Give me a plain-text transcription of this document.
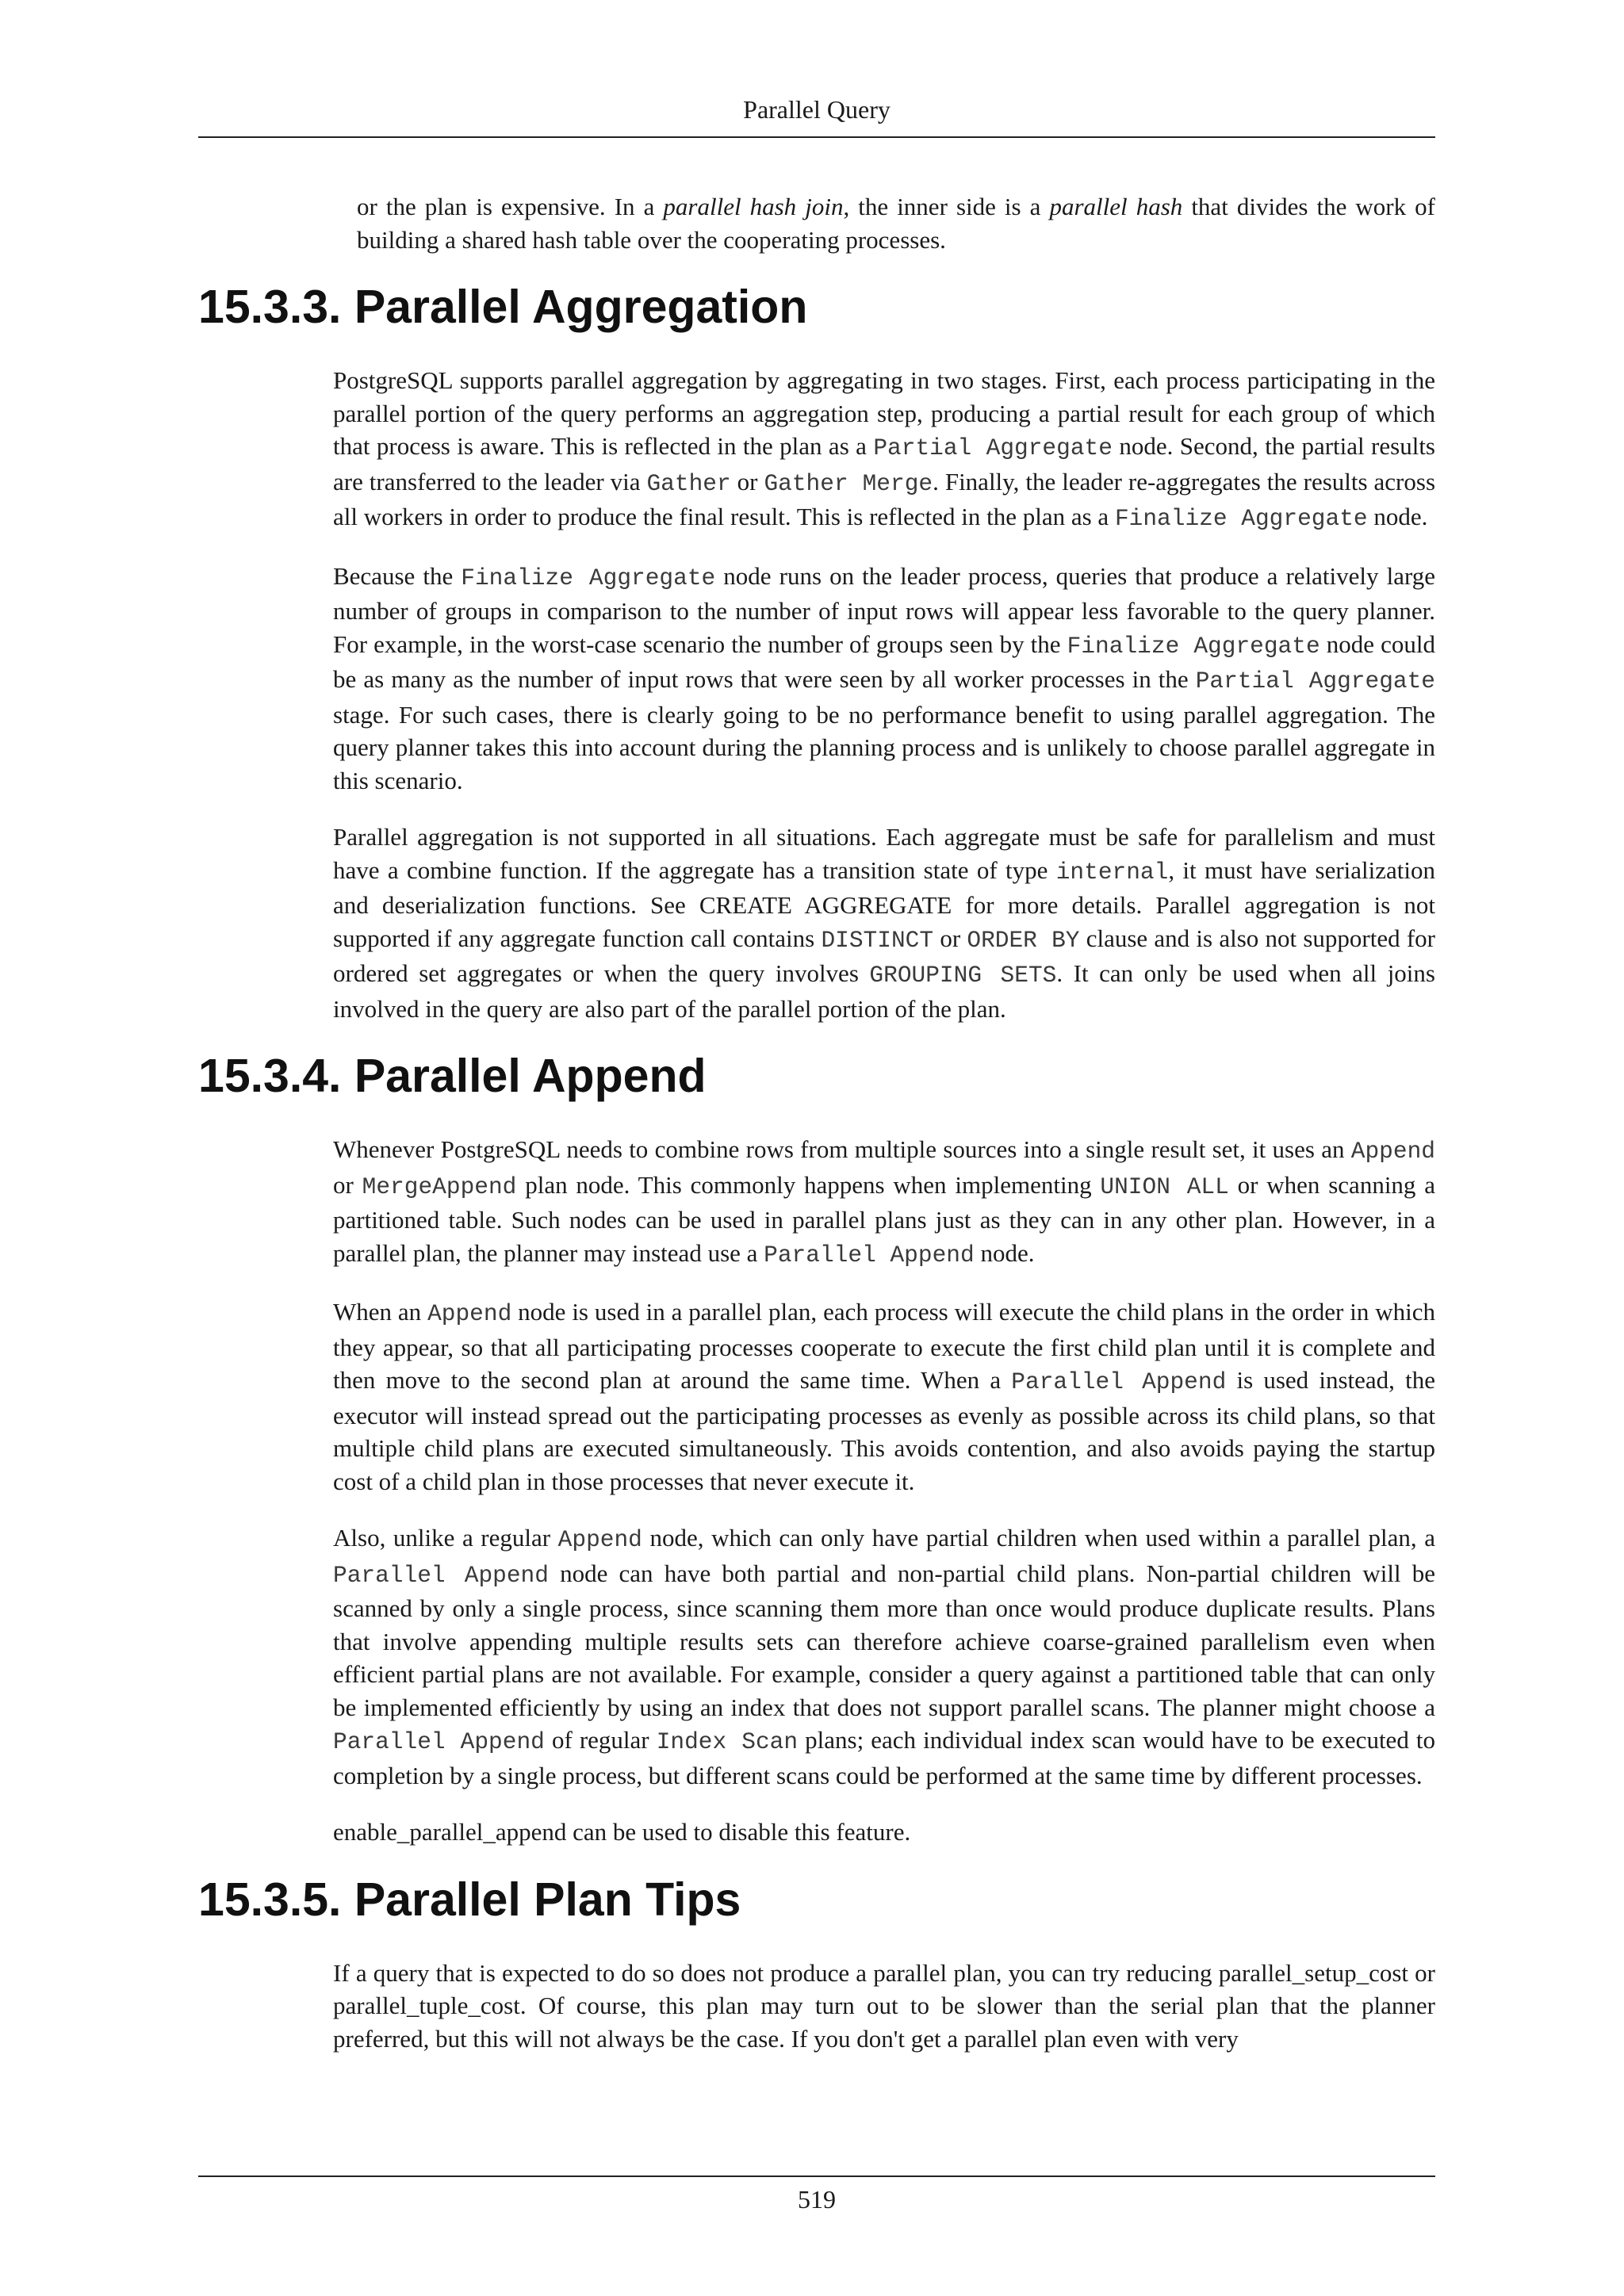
Parallel Query

or the plan is expensive. In a parallel hash join, the inner side is a parallel hash that divides the work of building a shared hash table over the cooperating processes.

15.3.3. Parallel Aggregation

PostgreSQL supports parallel aggregation by aggregating in two stages. First, each process participating in the parallel portion of the query performs an aggregation step, producing a partial result for each group of which that process is aware. This is reflected in the plan as a Partial Aggregate node. Second, the partial results are transferred to the leader via Gather or Gather Merge. Finally, the leader re-aggregates the results across all workers in order to produce the final result. This is reflected in the plan as a Finalize Aggregate node.

Because the Finalize Aggregate node runs on the leader process, queries that produce a relatively large number of groups in comparison to the number of input rows will appear less favorable to the query planner. For example, in the worst-case scenario the number of groups seen by the Finalize Aggregate node could be as many as the number of input rows that were seen by all worker processes in the Partial Aggregate stage. For such cases, there is clearly going to be no performance benefit to using parallel aggregation. The query planner takes this into account during the planning process and is unlikely to choose parallel aggregate in this scenario.

Parallel aggregation is not supported in all situations. Each aggregate must be safe for parallelism and must have a combine function. If the aggregate has a transition state of type internal, it must have serialization and deserialization functions. See CREATE AGGREGATE for more details. Parallel aggregation is not supported if any aggregate function call contains DISTINCT or ORDER BY clause and is also not supported for ordered set aggregates or when the query involves GROUPING SETS. It can only be used when all joins involved in the query are also part of the parallel portion of the plan.

15.3.4. Parallel Append

Whenever PostgreSQL needs to combine rows from multiple sources into a single result set, it uses an Append or MergeAppend plan node. This commonly happens when implementing UNION ALL or when scanning a partitioned table. Such nodes can be used in parallel plans just as they can in any other plan. However, in a parallel plan, the planner may instead use a Parallel Append node.

When an Append node is used in a parallel plan, each process will execute the child plans in the order in which they appear, so that all participating processes cooperate to execute the first child plan until it is complete and then move to the second plan at around the same time. When a Parallel Append is used instead, the executor will instead spread out the participating processes as evenly as possible across its child plans, so that multiple child plans are executed simultaneously. This avoids contention, and also avoids paying the startup cost of a child plan in those processes that never execute it.

Also, unlike a regular Append node, which can only have partial children when used within a parallel plan, a Parallel Append node can have both partial and non-partial child plans. Non-partial children will be scanned by only a single process, since scanning them more than once would produce duplicate results. Plans that involve appending multiple results sets can therefore achieve coarse-grained parallelism even when efficient partial plans are not available. For example, consider a query against a partitioned table that can only be implemented efficiently by using an index that does not support parallel scans. The planner might choose a Parallel Append of regular Index Scan plans; each individual index scan would have to be executed to completion by a single process, but different scans could be performed at the same time by different processes.

enable_parallel_append can be used to disable this feature.

15.3.5. Parallel Plan Tips

If a query that is expected to do so does not produce a parallel plan, you can try reducing parallel_setup_cost or parallel_tuple_cost. Of course, this plan may turn out to be slower than the serial plan that the planner preferred, but this will not always be the case. If you don't get a parallel plan even with very

519
